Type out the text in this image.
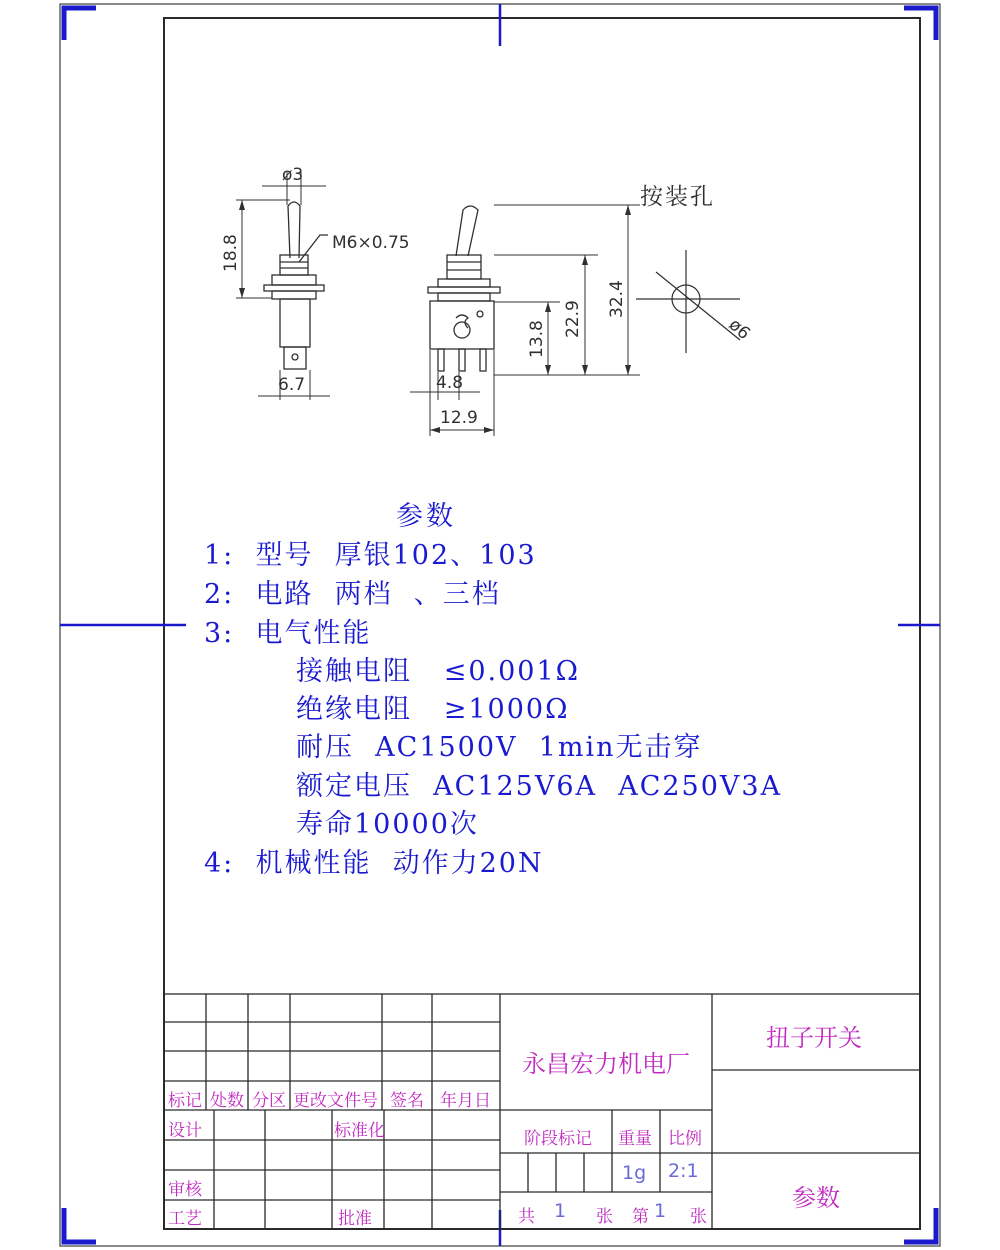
ø3
M6×0.75
18.8
6.7	4.8
12.9
13.8
22.9
32.4
按装孔
ø6
参数
1:  型号  厚银102、103
2:  电路  两档  、三档
3:  电气性能
接触电阻   ≤0.001Ω
绝缘电阻   ≥1000Ω
耐压  AC1500V  1min无击穿
额定电压  AC125V6A  AC250V3A
寿命10000次
4:  机械性能  动作力20N
标记 处数 分区 更改文件号 签名 年月日
设计	标准化
审核
工艺	批准
永昌宏力机电厂
扭子开关
参数
阶段标记 重量 比例
1g 2:1
共 1 张 第 1 张
